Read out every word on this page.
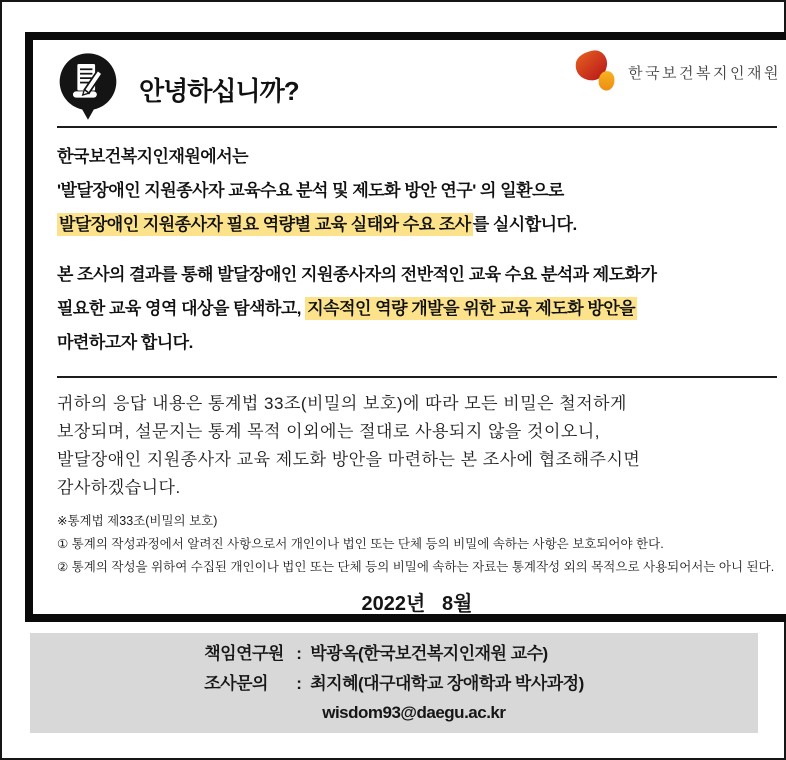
안녕하십니까?
한국보건복지인재원
한국보건복지인재원에서는
'발달장애인 지원종사자 교육수요 분석 및 제도화 방안 연구' 의 일환으로
발달장애인 지원종사자 필요 역량별 교육 실태와 수요 조사 를 실시합니다.
본 조사의 결과를 통해 발달장애인 지원종사자의 전반적인 교육 수요 분석과 제도화가
필요한 교육 영역 대상을 탐색하고, 지속적인 역량 개발을 위한 교육 제도화 방안을
마련하고자 합니다.
귀하의 응답 내용은 통계법 33조(비밀의 보호)에 따라 모든 비밀은 철저하게
보장되며, 설문지는 통계 목적 이외에는 절대로 사용되지 않을 것이오니,
발달장애인 지원종사자 교육 제도화 방안을 마련하는 본 조사에 협조해주시면
감사하겠습니다.
※통계법 제33조(비밀의 보호)
① 통계의 작성과정에서 알려진 사항으로서 개인이나 법인 또는 단체 등의 비밀에 속하는 사항은 보호되어야 한다.
② 통계의 작성을 위하여 수집된 개인이나 법인 또는 단체 등의 비밀에 속하는 자료는 통계작성 외의 목적으로 사용되어서는 아니 된다.
2022년   8월
책임연구원 : 박광옥(한국보건복지인재원 교수)
조사문의	: 최지혜(대구대학교 장애학과 박사과정)
wisdom93@daegu.ac.kr
